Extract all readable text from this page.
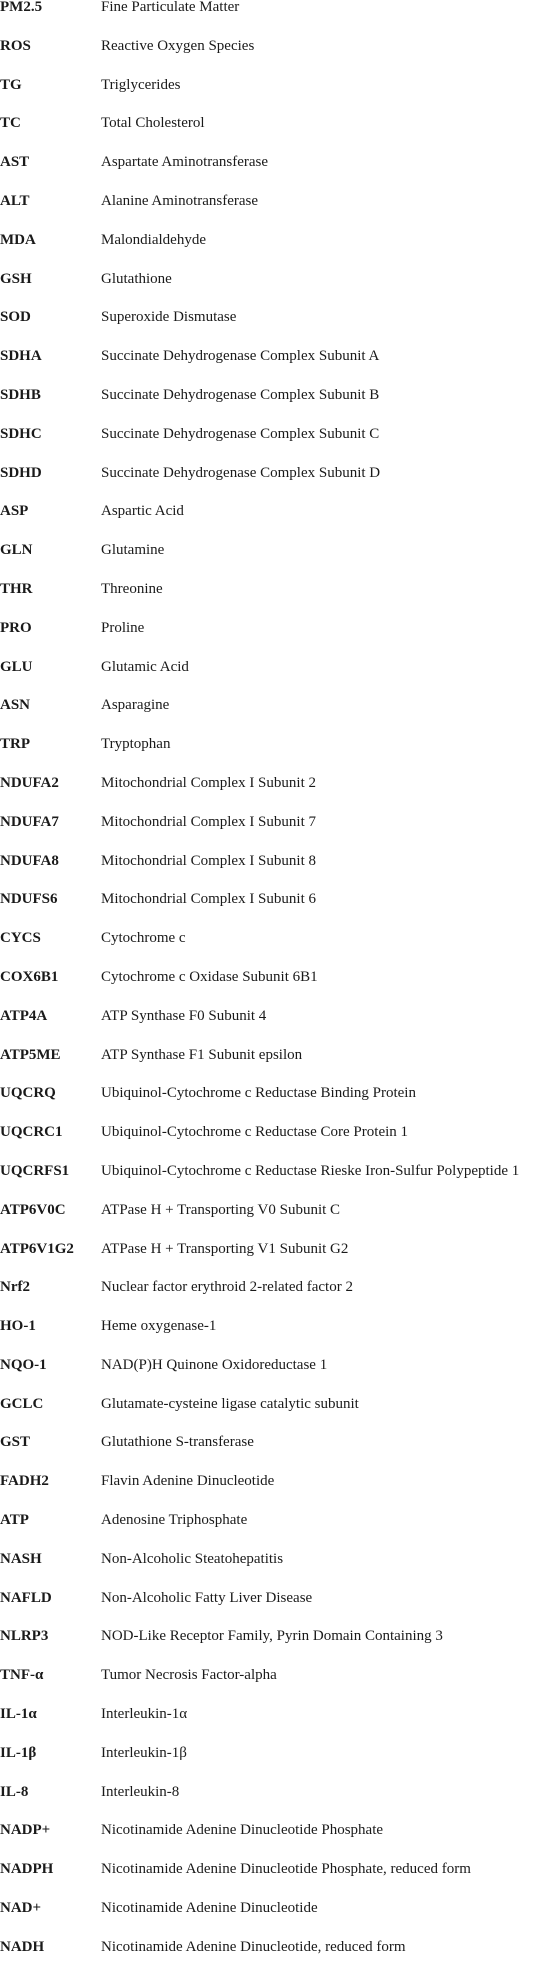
PM2.5	Fine Particulate Matter
ROS	Reactive Oxygen Species
TG	Triglycerides
TC	Total Cholesterol
AST	Aspartate Aminotransferase
ALT	Alanine Aminotransferase
MDA	Malondialdehyde
GSH	Glutathione
SOD	Superoxide Dismutase
SDHA	Succinate Dehydrogenase Complex Subunit A
SDHB	Succinate Dehydrogenase Complex Subunit B
SDHC	Succinate Dehydrogenase Complex Subunit C
SDHD	Succinate Dehydrogenase Complex Subunit D
ASP	Aspartic Acid
GLN	Glutamine
THR	Threonine
PRO	Proline
GLU	Glutamic Acid
ASN	Asparagine
TRP	Tryptophan
NDUFA2	Mitochondrial Complex I Subunit 2
NDUFA7	Mitochondrial Complex I Subunit 7
NDUFA8	Mitochondrial Complex I Subunit 8
NDUFS6	Mitochondrial Complex I Subunit 6
CYCS	Cytochrome c
COX6B1	Cytochrome c Oxidase Subunit 6B1
ATP4A	ATP Synthase F0 Subunit 4
ATP5ME	ATP Synthase F1 Subunit epsilon
UQCRQ	Ubiquinol-Cytochrome c Reductase Binding Protein
UQCRC1	Ubiquinol-Cytochrome c Reductase Core Protein 1
UQCRFS1 Ubiquinol-Cytochrome c Reductase Rieske Iron-Sulfur Polypeptide 1
ATP6V0C ATPase H + Transporting V0 Subunit C
ATP6V1G2 ATPase H + Transporting V1 Subunit G2
Nrf2	Nuclear factor erythroid 2-related factor 2
HO-1	Heme oxygenase-1
NQO-1	NAD(P)H Quinone Oxidoreductase 1
GCLC	Glutamate-cysteine ligase catalytic subunit
GST	Glutathione S-transferase
FADH2	Flavin Adenine Dinucleotide
ATP	Adenosine Triphosphate
NASH	Non-Alcoholic Steatohepatitis
NAFLD	Non-Alcoholic Fatty Liver Disease
NLRP3	NOD-Like Receptor Family, Pyrin Domain Containing 3
TNF-α	Tumor Necrosis Factor-alpha
IL-1α	Interleukin-1α
IL-1β	Interleukin-1β
IL-8	Interleukin-8
NADP+	Nicotinamide Adenine Dinucleotide Phosphate
NADPH	Nicotinamide Adenine Dinucleotide Phosphate, reduced form
NAD+	Nicotinamide Adenine Dinucleotide
NADH	Nicotinamide Adenine Dinucleotide, reduced form
